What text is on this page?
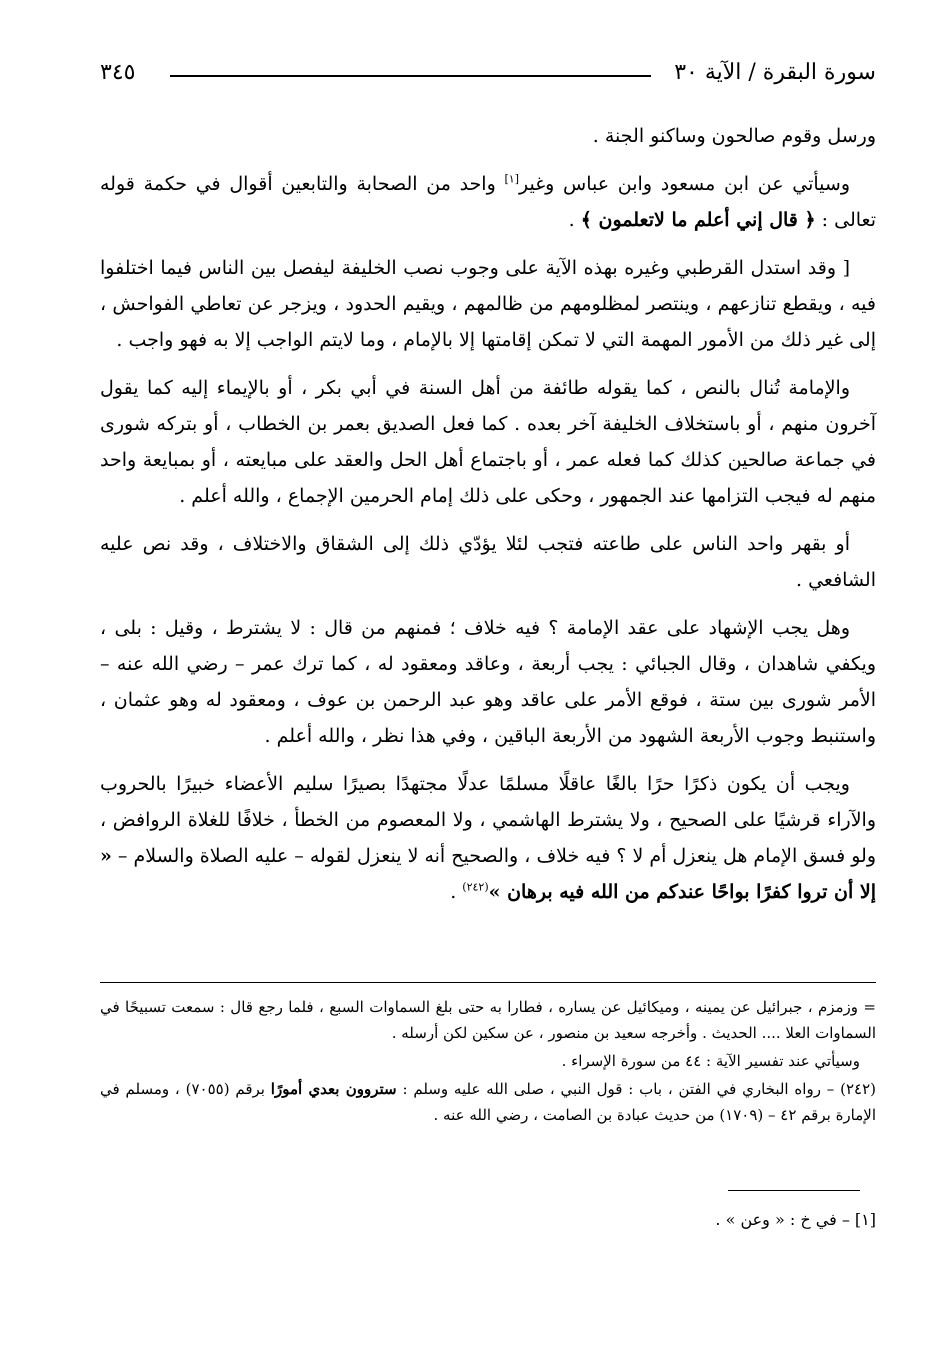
سورة البقرة / الآية ٣٠
٣٤٥

ورسل وقوم صالحون وساكنو الجنة .

وسيأتي عن ابن مسعود وابن عباس وغير[١] واحد من الصحابة والتابعين أقوال في حكمة قوله تعالى : ﴿ قال إني أعلم ما لاتعلمون ﴾ .

[ وقد استدل القرطبي وغيره بهذه الآية على وجوب نصب الخليفة ليفصل بين الناس فيما اختلفوا فيه ، ويقطع تنازعهم ، وينتصر لمظلومهم من ظالمهم ، ويقيم الحدود ، ويزجر عن تعاطي الفواحش ، إلى غير ذلك من الأمور المهمة التي لا تمكن إقامتها إلا بالإمام ، وما لايتم الواجب إلا به فهو واجب .

والإمامة تُنال بالنص ، كما يقوله طائفة من أهل السنة في أبي بكر ، أو بالإيماء إليه كما يقول آخرون منهم ، أو باستخلاف الخليفة آخر بعده . كما فعل الصديق بعمر بن الخطاب ، أو بتركه شورى في جماعة صالحين كذلك كما فعله عمر ، أو باجتماع أهل الحل والعقد على مبايعته ، أو بمبايعة واحد منهم له فيجب التزامها عند الجمهور ، وحكى على ذلك إمام الحرمين الإجماع ، والله أعلم .

أو بقهر واحد الناس على طاعته فتجب لئلا يؤدّي ذلك إلى الشقاق والاختلاف ، وقد نص عليه الشافعي .

وهل يجب الإشهاد على عقد الإمامة ؟ فيه خلاف ؛ فمنهم من قال : لا يشترط ، وقيل : بلى ، ويكفي شاهدان ، وقال الجبائي : يجب أربعة ، وعاقد ومعقود له ، كما ترك عمر – رضي الله عنه – الأمر شورى بين ستة ، فوقع الأمر على عاقد وهو عبد الرحمن بن عوف ، ومعقود له وهو عثمان ، واستنبط وجوب الأربعة الشهود من الأربعة الباقين ، وفي هذا نظر ، والله أعلم .

ويجب أن يكون ذكرًا حرًا بالغًا عاقلًا مسلمًا عدلًا مجتهدًا بصيرًا سليم الأعضاء خبيرًا بالحروب والآراء قرشيًا على الصحيح ، ولا يشترط الهاشمي ، ولا المعصوم من الخطأ ، خلافًا للغلاة الروافض ، ولو فسق الإمام هل ينعزل أم لا ؟ فيه خلاف ، والصحيح أنه لا ينعزل لقوله – عليه الصلاة والسلام – « إلا أن تروا كفرًا بواحًا عندكم من الله فيه برهان »$^{(٢٤٢)}$ .

= وزمزم ، جبرائيل عن يمينه ، وميكائيل عن يساره ، فطارا به حتى بلغ السماوات السبع ، فلما رجع قال : سمعت تسبيحًا في السماوات العلا .... الحديث . وأخرجه سعيد بن منصور ، عن سكين لكن أرسله .

وسيأتي عند تفسير الآية : ٤٤ من سورة الإسراء .

(٢٤٢) – رواه البخاري في الفتن ، باب : قول النبي ، صلى الله عليه وسلم : ستروون بعدي أمورًا برقم (٧٠٥٥) ، ومسلم في الإمارة برقم ٤٢ – (١٧٠٩) من حديث عبادة بن الصامت ، رضي الله عنه .

[١] – في خ : « وعن » .
